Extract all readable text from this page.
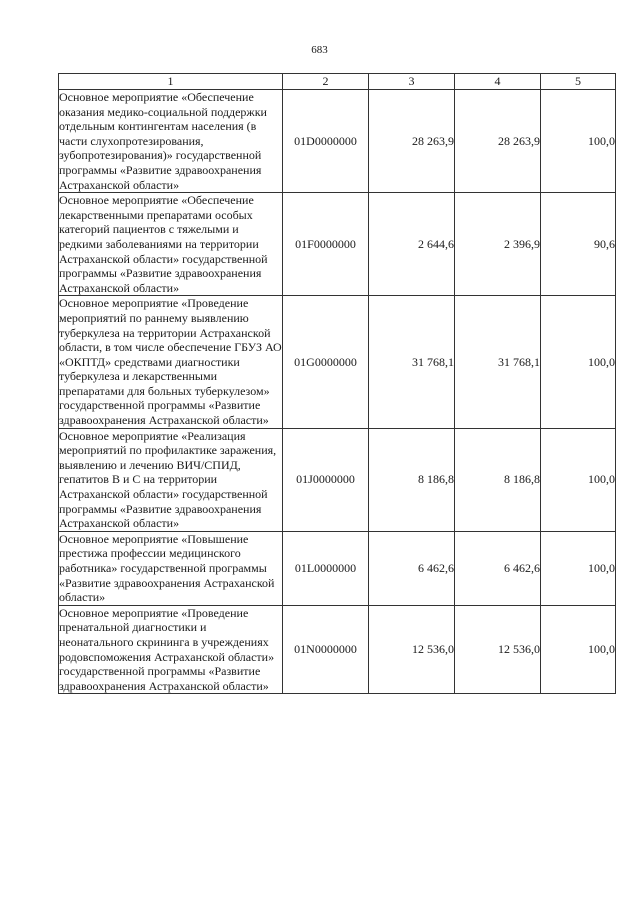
683
1	2	3	4	5
Основное мероприятие «Обеспечение оказания медико-социальной поддержки отдельным контингентам населения (в части слухопротезирования, зубопротезирования)» государственной программы «Развитие здравоохранения Астраханской области»	01D0000000	28 263,9	28 263,9	100,0
Основное мероприятие «Обеспечение лекарственными препаратами особых категорий пациентов с тяжелыми и редкими заболеваниями на территории Астраханской области» государственной программы «Развитие здравоохранения Астраханской области»	01F0000000	2 644,6	2 396,9	90,6
Основное мероприятие «Проведение мероприятий по раннему выявлению туберкулеза на территории Астраханской области, в том числе обеспечение ГБУЗ АО «ОКПТД» средствами диагностики туберкулеза и лекарственными препаратами для больных туберкулезом» государственной программы «Развитие здравоохранения Астраханской области»	01G0000000	31 768,1	31 768,1	100,0
Основное мероприятие «Реализация мероприятий по профилактике заражения, выявлению и лечению ВИЧ/СПИД, гепатитов В и С на территории Астраханской области» государственной программы «Развитие здравоохранения Астраханской области»	01J0000000	8 186,8	8 186,8	100,0
Основное мероприятие «Повышение престижа профессии медицинского работника» государственной программы «Развитие здравоохранения Астраханской области»	01L0000000	6 462,6	6 462,6	100,0
Основное мероприятие «Проведение пренатальной диагностики и неонатального скрининга в учреждениях родовспоможения Астраханской области» государственной программы «Развитие здравоохранения Астраханской области»	01N0000000	12 536,0	12 536,0	100,0
